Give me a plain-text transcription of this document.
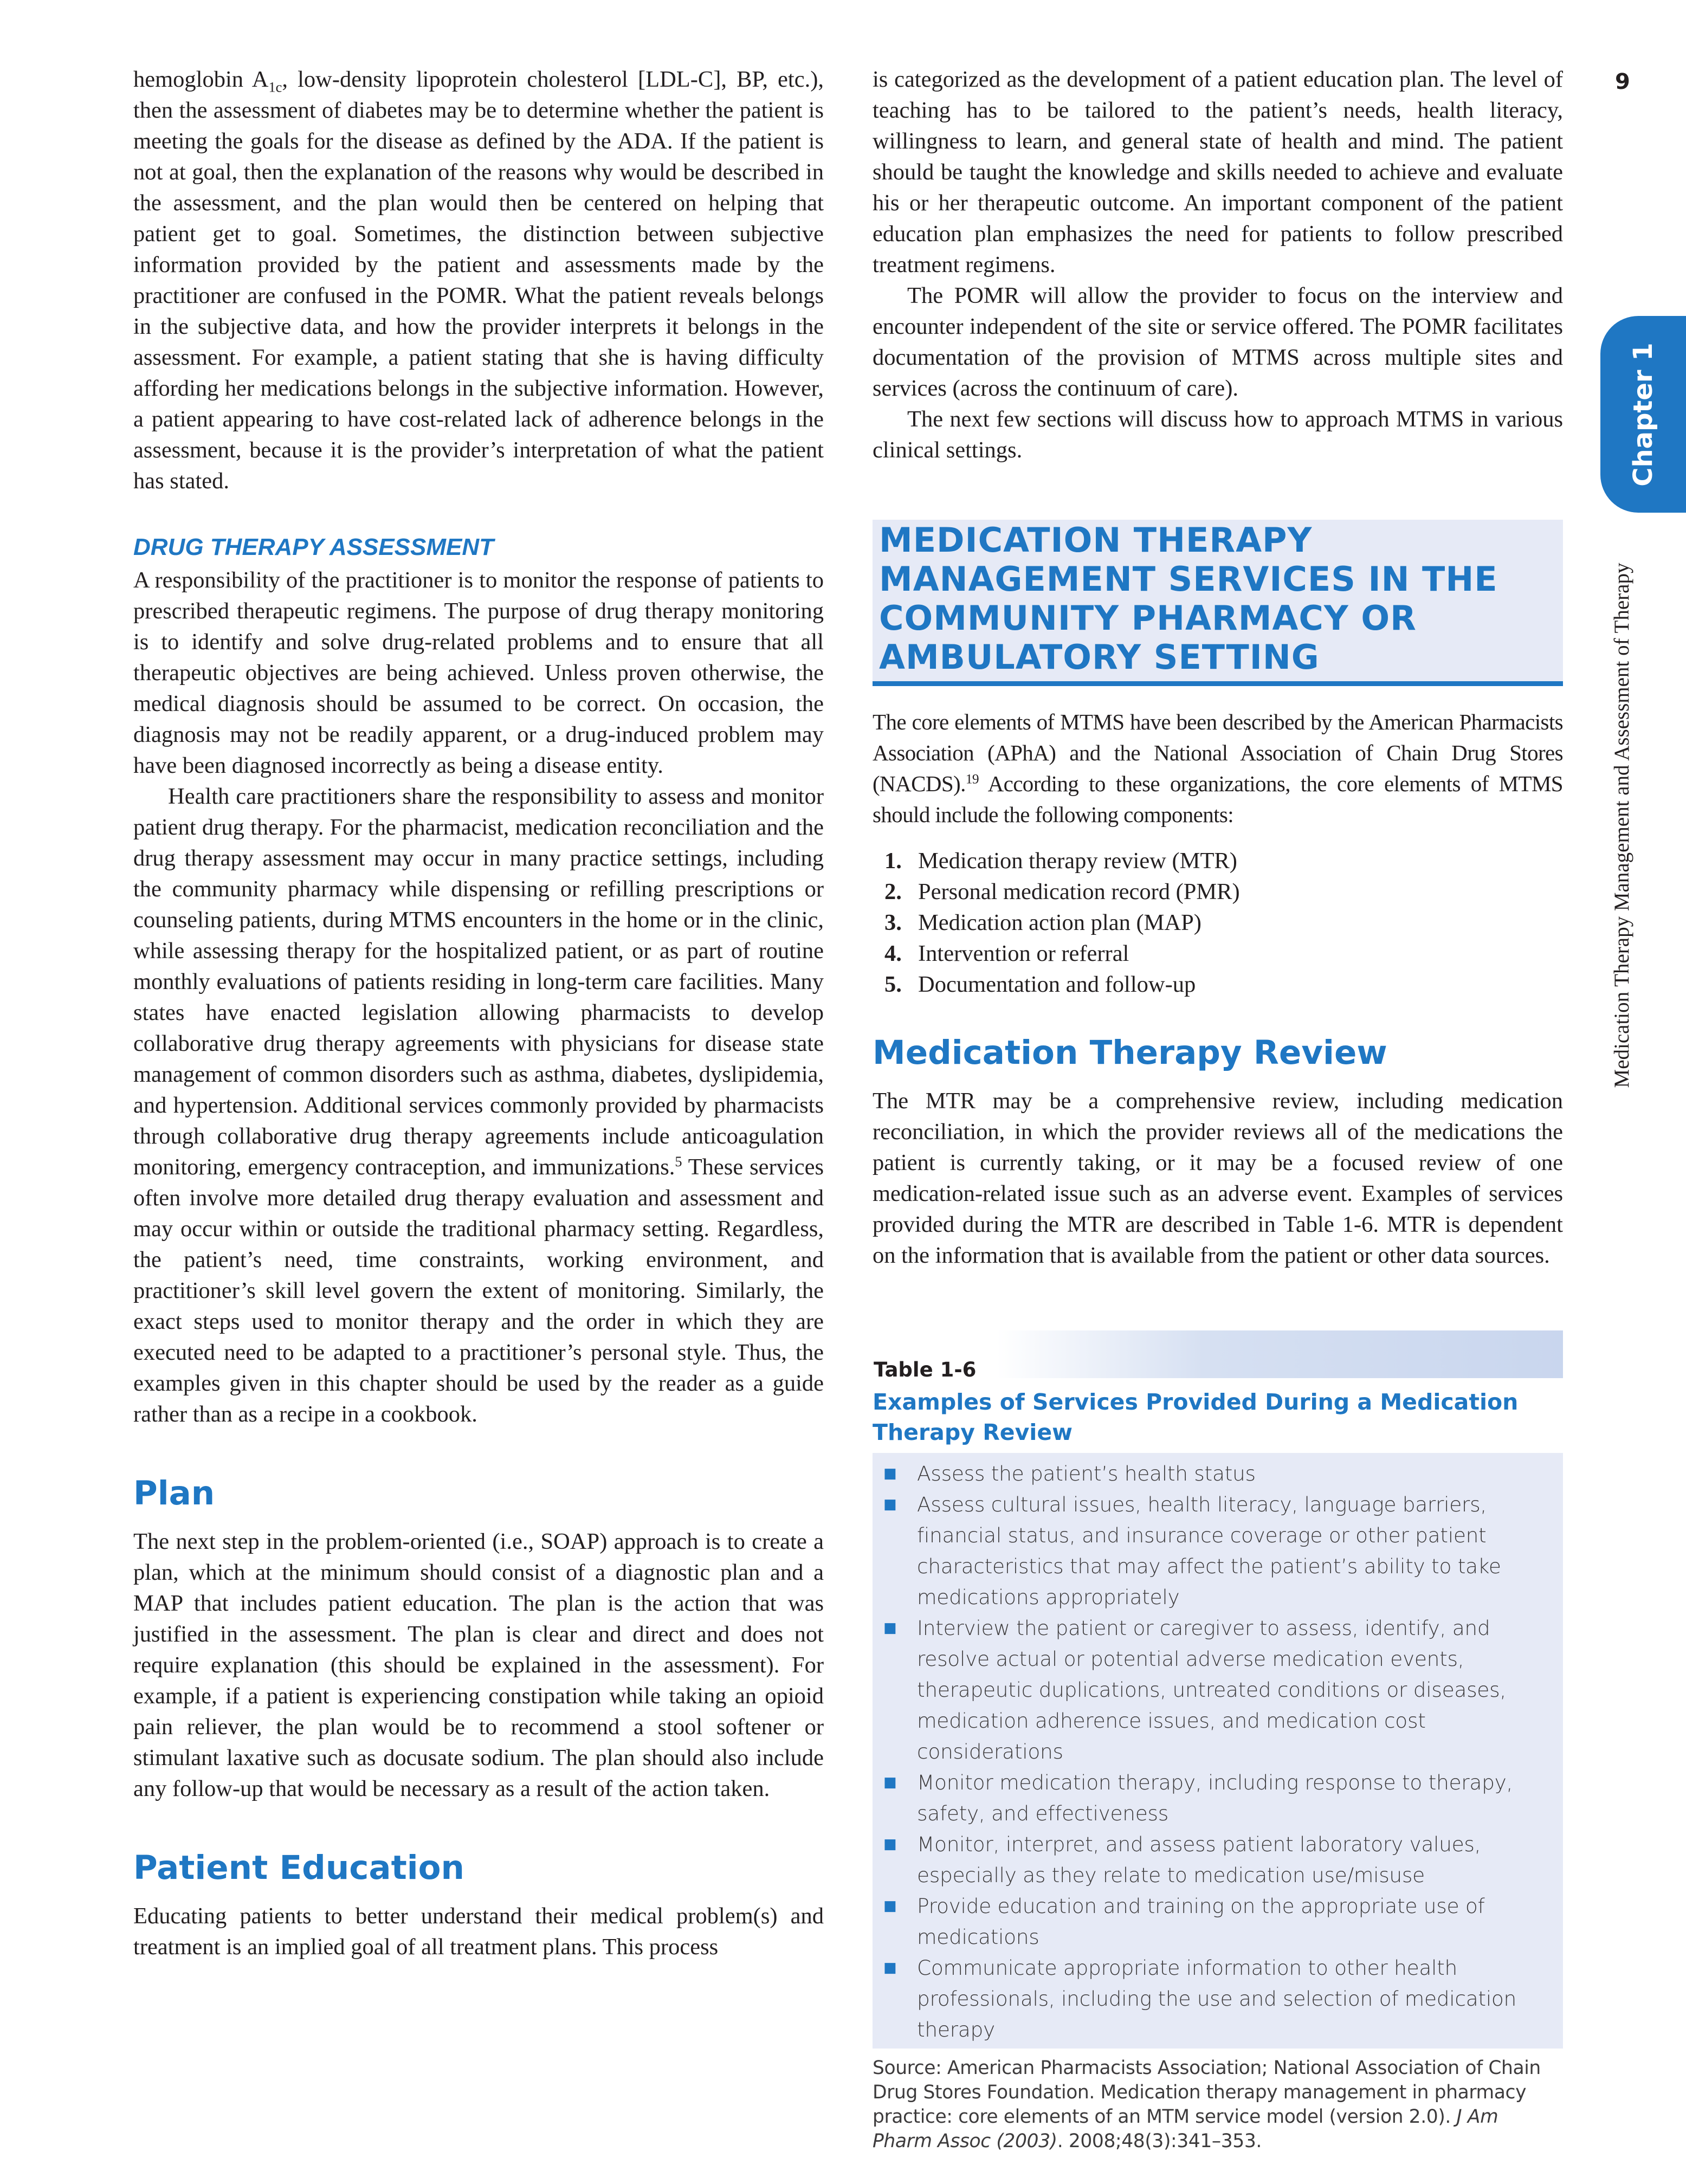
9
Chapter 1
Medication Therapy Management and Assessment of Therapy

hemoglobin $A_{1c}$, low-density lipoprotein cholesterol [LDL-C], BP, etc.), then the assessment of diabetes may be to determine whether the patient is meeting the goals for the disease as defined by the ADA. If the patient is not at goal, then the explanation of the reasons why would be described in the assessment, and the plan would then be centered on helping that patient get to goal. Sometimes, the distinction between subjective information provided by the patient and assessments made by the practitioner are confused in the POMR. What the patient reveals belongs in the subjective data, and how the provider interprets it belongs in the assessment. For example, a patient stating that she is having difficulty affording her medications belongs in the subjective information. However, a patient appearing to have cost-related lack of adherence belongs in the assessment, because it is the provider’s interpretation of what the patient has stated.

DRUG THERAPY ASSESSMENT

A responsibility of the practitioner is to monitor the response of patients to prescribed therapeutic regimens. The purpose of drug therapy monitoring is to identify and solve drug-related problems and to ensure that all therapeutic objectives are being achieved. Unless proven otherwise, the medical diagnosis should be assumed to be correct. On occasion, the diagnosis may not be readily apparent, or a drug-induced problem may have been diagnosed incorrectly as being a disease entity.

Health care practitioners share the responsibility to assess and monitor patient drug therapy. For the pharmacist, medication reconciliation and the drug therapy assessment may occur in many practice settings, including the community pharmacy while dispensing or refilling prescriptions or counseling patients, during MTMS encounters in the home or in the clinic, while assessing therapy for the hospitalized patient, or as part of routine monthly evaluations of patients residing in long-term care facilities. Many states have enacted legislation allowing pharmacists to develop collaborative drug therapy agreements with physicians for disease state management of common disorders such as asthma, diabetes, dyslipidemia, and hypertension. Additional services commonly provided by pharmacists through collaborative drug therapy agreements include anticoagulation monitoring, emergency contraception, and immunizations.$^5$ These services often involve more detailed drug therapy evaluation and assessment and may occur within or outside the traditional pharmacy setting. Regardless, the patient’s need, time constraints, working environment, and practitioner’s skill level govern the extent of monitoring. Similarly, the exact steps used to monitor therapy and the order in which they are executed need to be adapted to a practitioner’s personal style. Thus, the examples given in this chapter should be used by the reader as a guide rather than as a recipe in a cookbook.

Plan

The next step in the problem-oriented (i.e., SOAP) approach is to create a plan, which at the minimum should consist of a diagnostic plan and a MAP that includes patient education. The plan is the action that was justified in the assessment. The plan is clear and direct and does not require explanation (this should be explained in the assessment). For example, if a patient is experiencing constipation while taking an opioid pain reliever, the plan would be to recommend a stool softener or stimulant laxative such as docusate sodium. The plan should also include any follow-up that would be necessary as a result of the action taken.

Patient Education

Educating patients to better understand their medical problem(s) and treatment is an implied goal of all treatment plans. This process

is categorized as the development of a patient education plan. The level of teaching has to be tailored to the patient’s needs, health literacy, willingness to learn, and general state of health and mind. The patient should be taught the knowledge and skills needed to achieve and evaluate his or her therapeutic outcome. An important component of the patient education plan emphasizes the need for patients to follow prescribed treatment regimens.

The POMR will allow the provider to focus on the interview and encounter independent of the site or service offered. The POMR facilitates documentation of the provision of MTMS across multiple sites and services (across the continuum of care).

The next few sections will discuss how to approach MTMS in various clinical settings.

MEDICATION THERAPY MANAGEMENT SERVICES IN THE COMMUNITY PHARMACY OR AMBULATORY SETTING

The core elements of MTMS have been described by the American Pharmacists Association (APhA) and the National Association of Chain Drug Stores (NACDS).$^{19}$ According to these organizations, the core elements of MTMS should include the following components:

1. Medication therapy review (MTR)
2. Personal medication record (PMR)
3. Medication action plan (MAP)
4. Intervention or referral
5. Documentation and follow-up
Medication Therapy Review

The MTR may be a comprehensive review, including medication reconciliation, in which the provider reviews all of the medications the patient is currently taking, or it may be a focused review of one medication-related issue such as an adverse event. Examples of services provided during the MTR are described in Table 1-6. MTR is dependent on the information that is available from the patient or other data sources.

Table 1-6
Examples of Services Provided During a Medication Therapy Review
■ Assess the patient’s health status
■ Assess cultural issues, health literacy, language barriers, financial status, and insurance coverage or other patient characteristics that may affect the patient’s ability to take medications appropriately
■ Interview the patient or caregiver to assess, identify, and resolve actual or potential adverse medication events, therapeutic duplications, untreated conditions or diseases, medication adherence issues, and medication cost considerations
■ Monitor medication therapy, including response to therapy, safety, and effectiveness
■ Monitor, interpret, and assess patient laboratory values, especially as they relate to medication use/misuse
■ Provide education and training on the appropriate use of medications
■ Communicate appropriate information to other health professionals, including the use and selection of medication therapy
Source: American Pharmacists Association; National Association of Chain Drug Stores Foundation. Medication therapy management in pharmacy practice: core elements of an MTM service model (version 2.0). J Am Pharm Assoc (2003). 2008;48(3):341–353.
